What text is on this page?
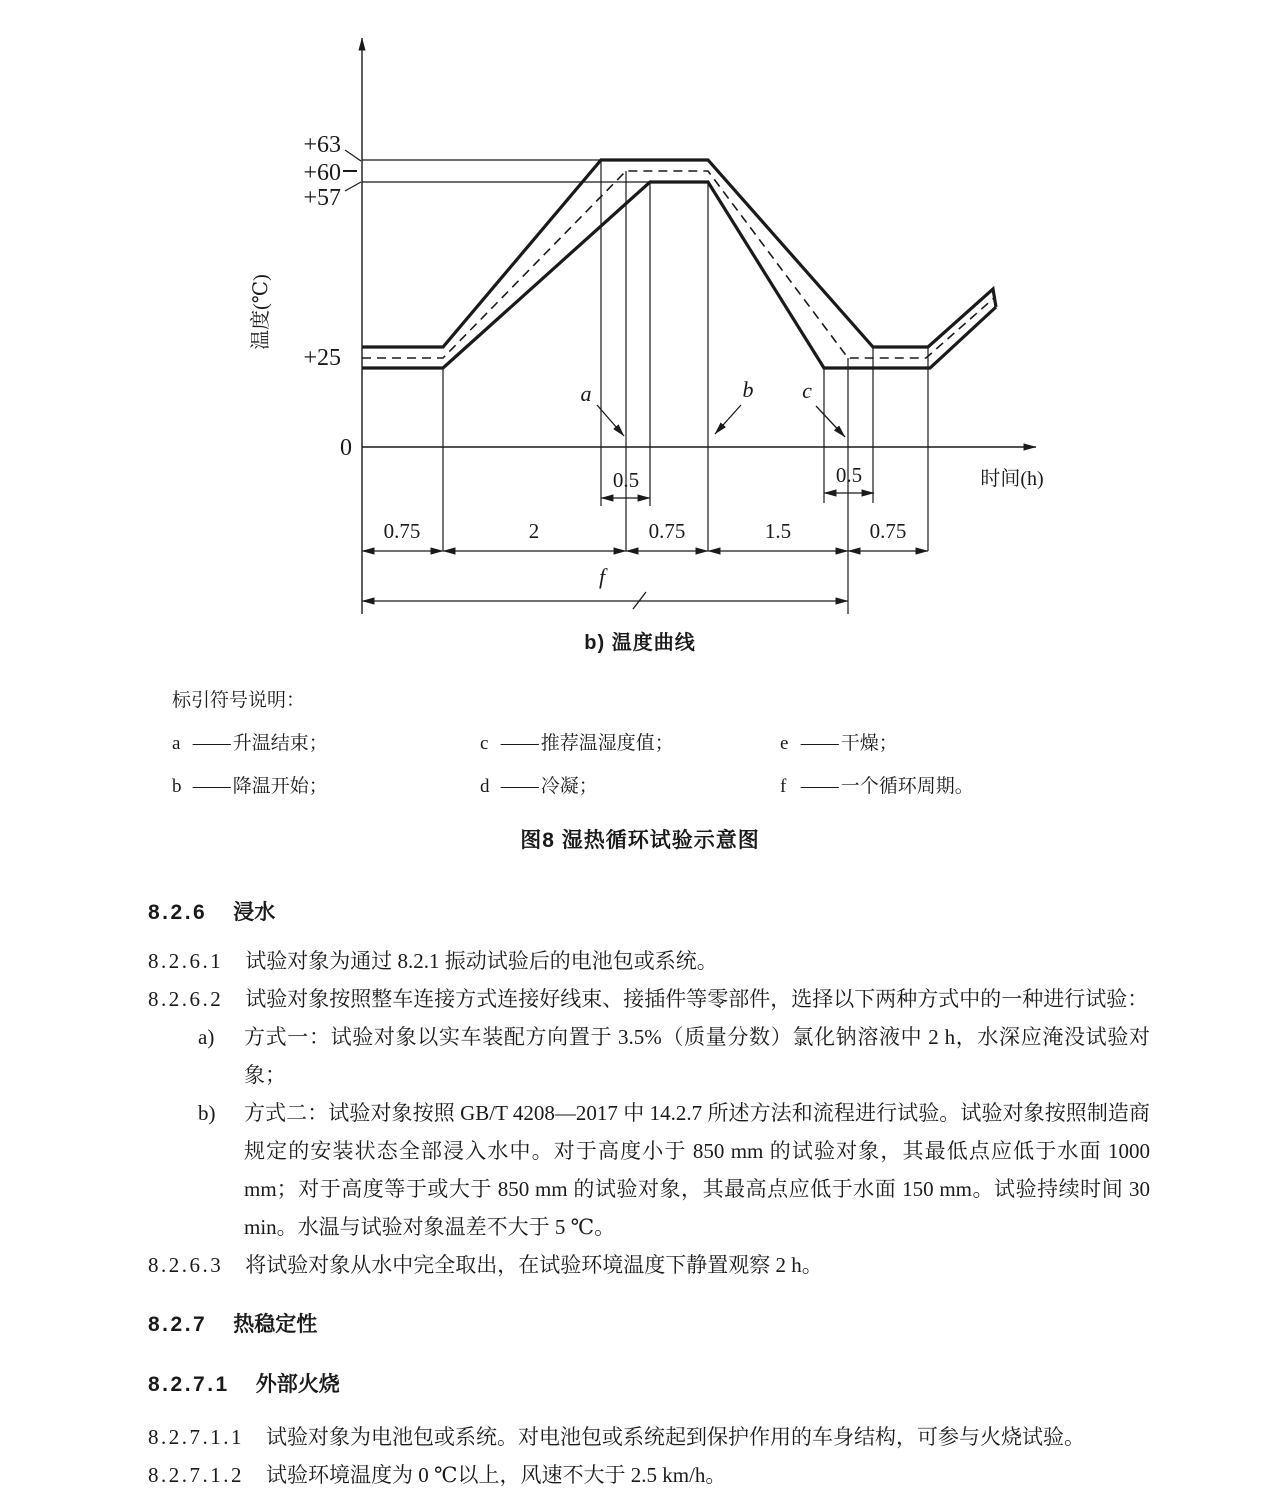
+63
+60
+57
+25
0
温度(℃)
时间(h)
a	b c
0.5	0.5
0.75	2	0.75	1.5	0.75
f
b) 温度曲线
标引符号说明：
a —— 升温结束；	c —— 推荐温湿度值；	e —— 干燥；
b —— 降温开始；	d —— 冷凝；	f —— 一个循环周期。
图8 湿热循环试验示意图
8.2.6 浸水

8.2.6.1 试验对象为通过 8.2.1 振动试验后的电池包或系统。

8.2.6.2 试验对象按照整车连接方式连接好线束、接插件等零部件，选择以下两种方式中的一种进行试验：

a)	方式一：试验对象以实车装配方向置于 3.5%（质量分数）氯化钠溶液中 2 h，水深应淹没试验对象；
b)	方式二：试验对象按照 GB/T 4208—2017 中 14.2.7 所述方法和流程进行试验。试验对象按照制造商规定的安装状态全部浸入水中。对于高度小于 850 mm 的试验对象，其最低点应低于水面 1000 mm；对于高度等于或大于 850 mm 的试验对象，其最高点应低于水面 150 mm。试验持续时间 30 min。水温与试验对象温差不大于 5 ℃。

8.2.6.3 将试验对象从水中完全取出，在试验环境温度下静置观察 2 h。

8.2.7 热稳定性
8.2.7.1 外部火烧

8.2.7.1.1 试验对象为电池包或系统。对电池包或系统起到保护作用的车身结构，可参与火烧试验。

8.2.7.1.2 试验环境温度为 0 ℃以上，风速不大于 2.5 km/h。
